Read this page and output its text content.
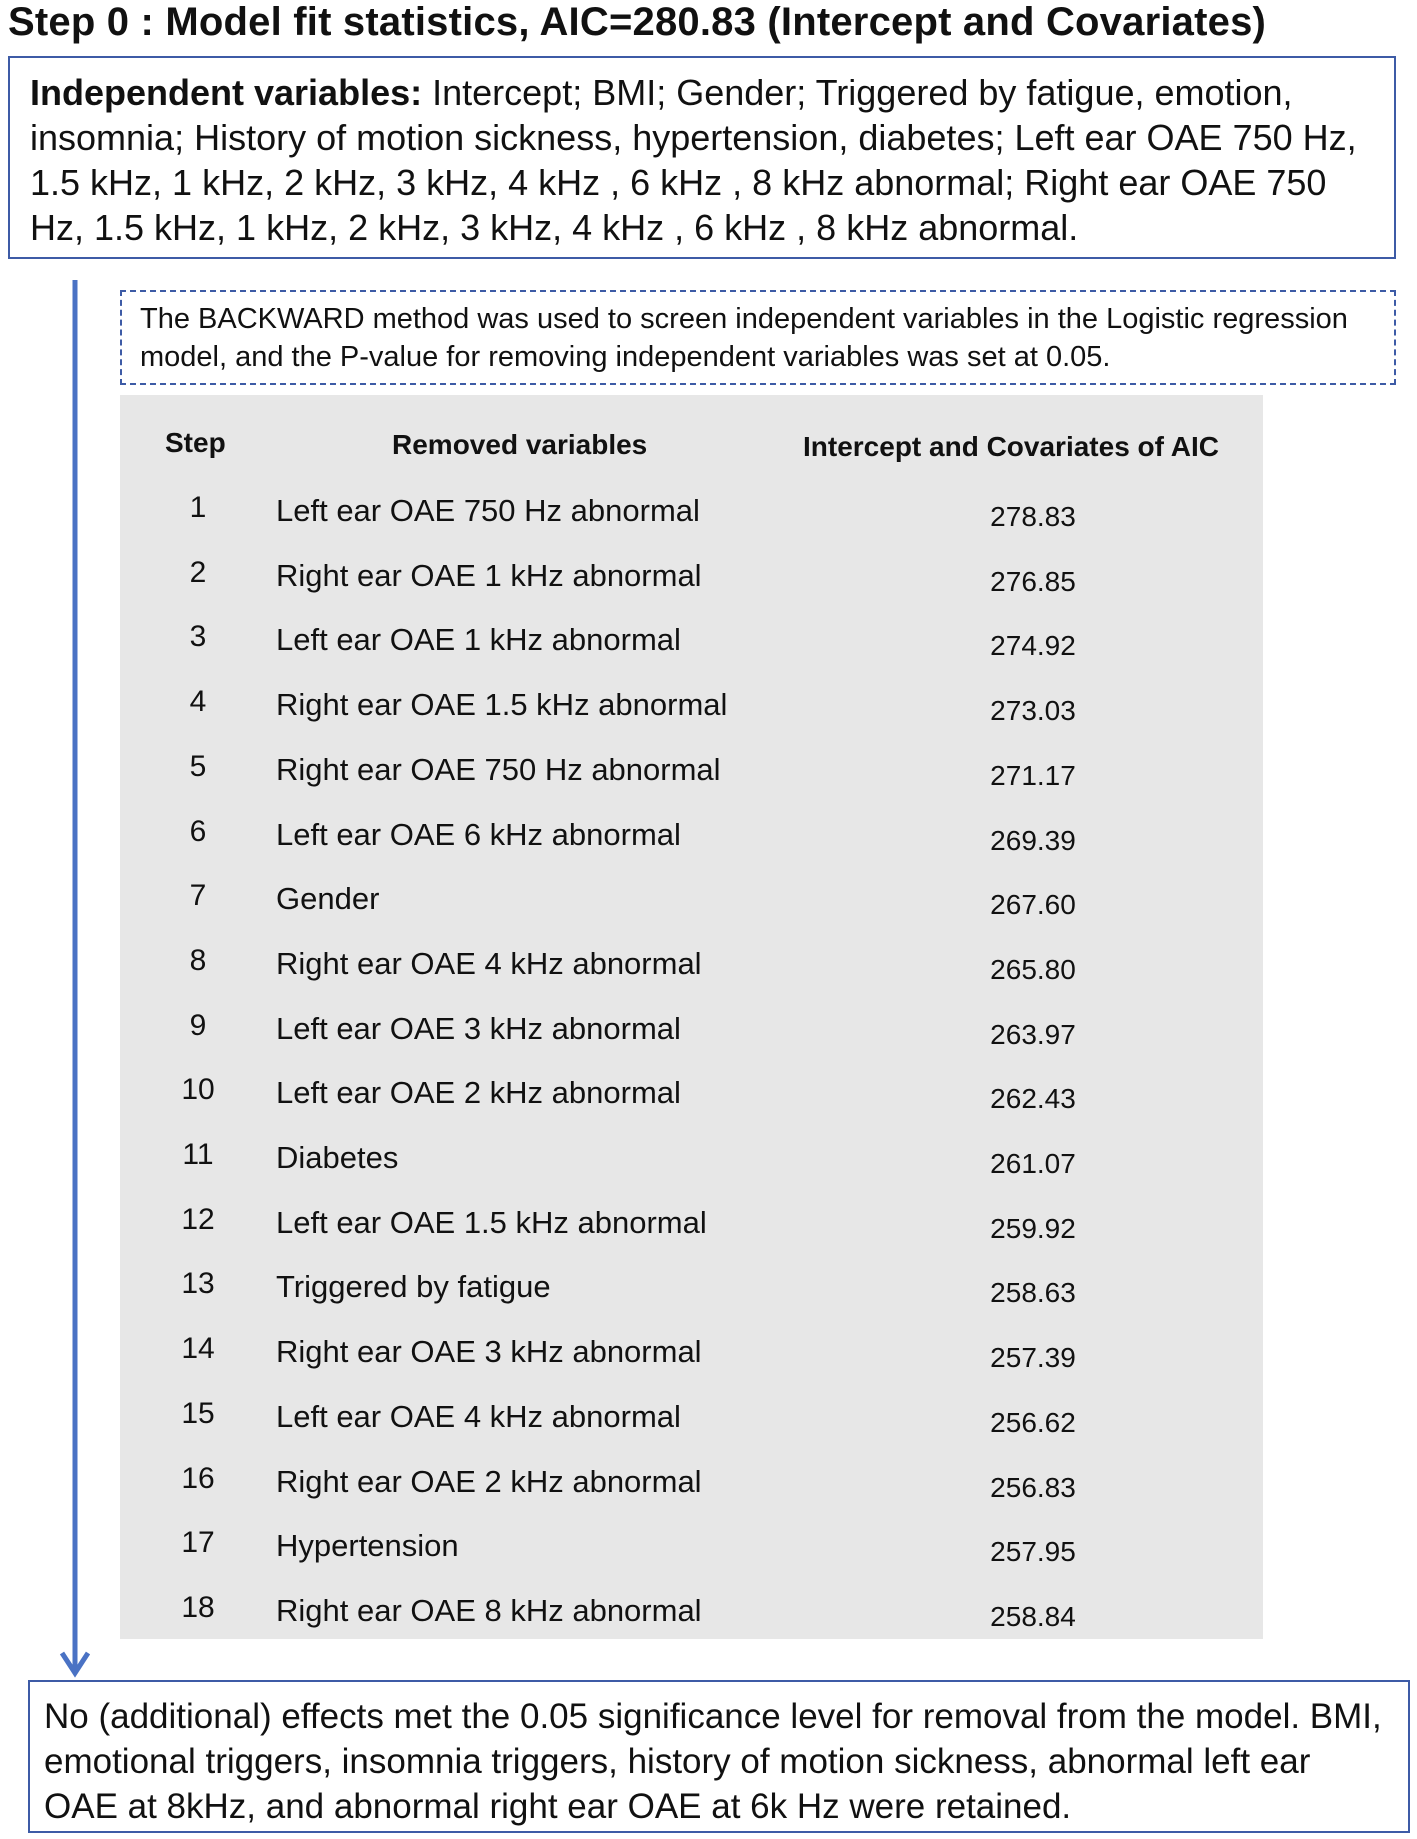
Step 0 : Model fit statistics, AIC=280.83 (Intercept and Covariates)
Independent variables: Intercept; BMI; Gender; Triggered by fatigue, emotion, insomnia; History of motion sickness, hypertension, diabetes; Left ear OAE 750 Hz, 1.5 kHz, 1 kHz, 2 kHz, 3 kHz, 4 kHz , 6 kHz , 8 kHz abnormal; Right ear OAE 750 Hz, 1.5 kHz, 1 kHz, 2 kHz, 3 kHz, 4 kHz , 6 kHz , 8 kHz abnormal.
The BACKWARD method was used to screen independent variables in the Logistic regression model, and the P-value for removing independent variables was set at 0.05.
Step	Removed variables	Intercept and Covariates of AIC
1	Left ear OAE 750 Hz abnormal	278.83
2	Right ear OAE 1 kHz abnormal	276.85
3	Left ear OAE 1 kHz abnormal	274.92
4	Right ear OAE 1.5 kHz abnormal	273.03
5	Right ear OAE 750 Hz abnormal	271.17
6	Left ear OAE 6 kHz abnormal	269.39
7	Gender	267.60
8	Right ear OAE 4 kHz abnormal	265.80
9	Left ear OAE 3 kHz abnormal	263.97
10	Left ear OAE 2 kHz abnormal	262.43
11	Diabetes	261.07
12	Left ear OAE 1.5 kHz abnormal	259.92
13	Triggered by fatigue	258.63
14	Right ear OAE 3 kHz abnormal	257.39
15	Left ear OAE 4 kHz abnormal	256.62
16	Right ear OAE 2 kHz abnormal	256.83
17	Hypertension	257.95
18	Right ear OAE 8 kHz abnormal	258.84
No (additional) effects met the 0.05 significance level for removal from the model. BMI, emotional triggers, insomnia triggers, history of motion sickness, abnormal left ear OAE at 8kHz, and abnormal right ear OAE at 6k Hz were retained.
